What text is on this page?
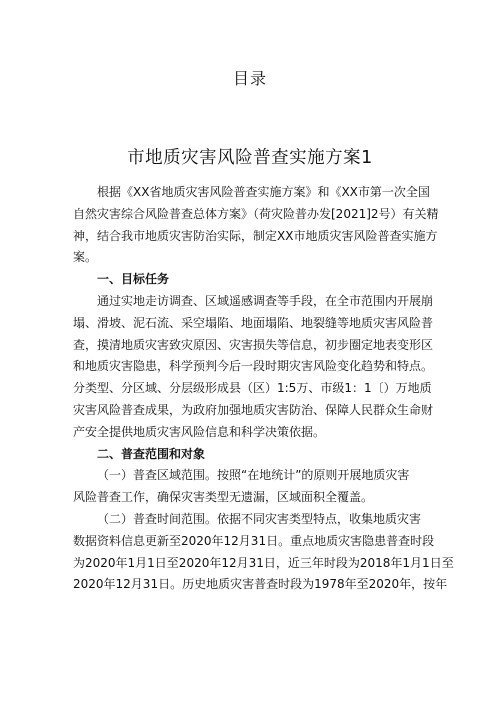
目录
市地质灾害风险普查实施方案1
根据《XX省地质灾害风险普查实施方案》和《XX市第一次全国
自然灾害综合风险普查总体方案》（荷灾险普办发[2021]2号）有关精
神，结合我市地质灾害防治实际，制定XX市地质灾害风险普查实施方
案。
一、目标任务
通过实地走访调查、区域遥感调查等手段，在全市范围内开展崩
塌、滑坡、泥石流、采空塌陷、地面塌陷、地裂缝等地质灾害风险普
查，摸清地质灾害致灾原因、灾害损失等信息，初步圈定地表变形区
和地质灾害隐患，科学预判今后一段时期灾害风险变化趋势和特点。
分类型、分区域、分层级形成县（区）1:5万、市级1：1〔）万地质
灾害风险普查成果，为政府加强地质灾害防治、保障人民群众生命财
产安全提供地质灾害风险信息和科学决策依据。
二、普查范围和对象
（一）普查区域范围。按照“在地统计”的原则开展地质灾害
风险普查工作，确保灾害类型无遗漏，区域面积全覆盖。
（二）普查时间范围。依据不同灾害类型特点，收集地质灾害
数据资料信息更新至2020年12月31日。重点地质灾害隐患普查时段
为2020年1月1日至2020年12月31日，近三年时段为2018年1月1日至
2020年12月31日。历史地质灾害普查时段为1978年至2020年，按年
